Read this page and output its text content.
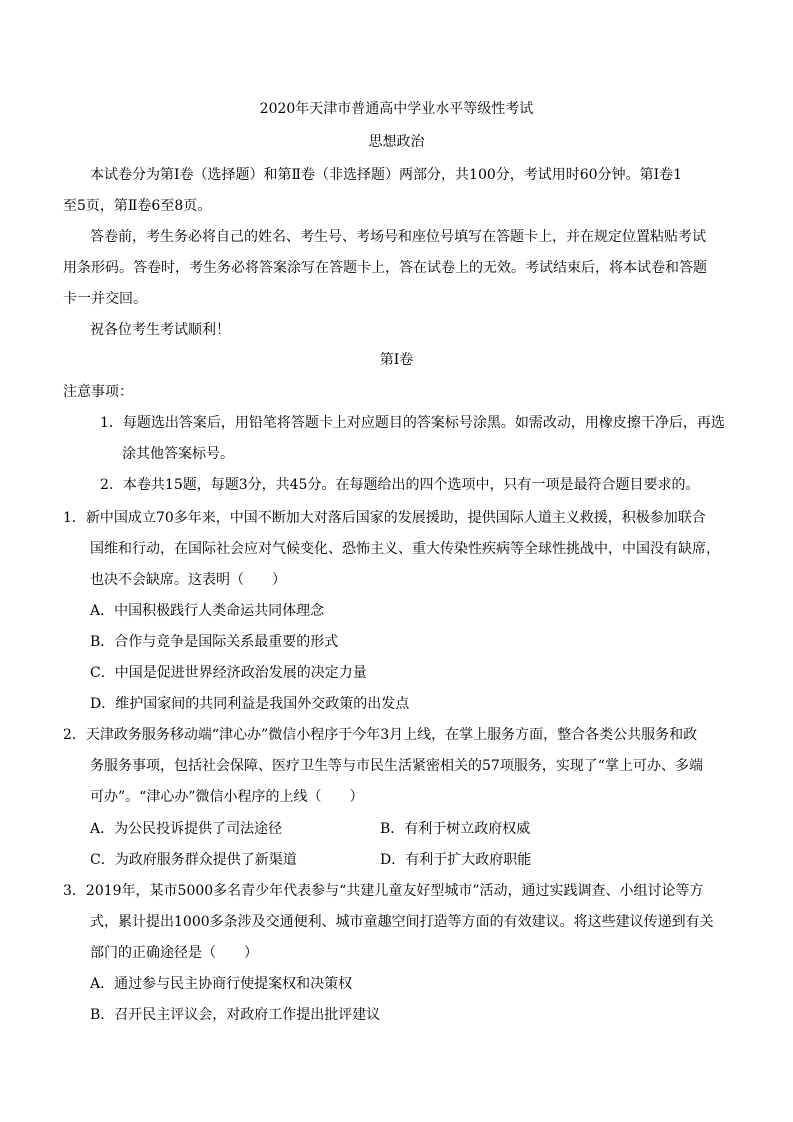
2020年天津市普通高中学业水平等级性考试
思想政治
本试卷分为第Ⅰ卷（选择题）和第Ⅱ卷（非选择题）两部分，共100分，考试用时60分钟。第Ⅰ卷1
至5页，第Ⅱ卷6至8页。
答卷前，考生务必将自己的姓名、考生号、考场号和座位号填写在答题卡上，并在规定位置粘贴考试
用条形码。答卷时，考生务必将答案涂写在答题卡上，答在试卷上的无效。考试结束后，将本试卷和答题
卡一并交回。
祝各位考生考试顺利！
第Ⅰ卷
注意事项：
1．每题选出答案后，用铅笔将答题卡上对应题目的答案标号涂黑。如需改动，用橡皮擦干净后，再选
涂其他答案标号。
2．本卷共15题，每题3分，共45分。在每题给出的四个选项中，只有一项是最符合题目要求的。
1．新中国成立70多年来，中国不断加大对落后国家的发展援助，提供国际人道主义救援，积极参加联合
国维和行动，在国际社会应对气候变化、恐怖主义、重大传染性疾病等全球性挑战中，中国没有缺席，
也决不会缺席。这表明（　　）
A．中国积极践行人类命运共同体理念
B．合作与竞争是国际关系最重要的形式
C．中国是促进世界经济政治发展的决定力量
D．维护国家间的共同利益是我国外交政策的出发点
2．天津政务服务移动端“津心办”微信小程序于今年3月上线，在掌上服务方面，整合各类公共服务和政
务服务事项，包括社会保障、医疗卫生等与市民生活紧密相关的57项服务，实现了“掌上可办、多端
可办”。“津心办”微信小程序的上线（　　）
A．为公民投诉提供了司法途径	B．有利于树立政府权威
C．为政府服务群众提供了新渠道	D．有利于扩大政府职能
3．2019年，某市5000多名青少年代表参与“共建儿童友好型城市”活动，通过实践调查、小组讨论等方
式，累计提出1000多条涉及交通便利、城市童趣空间打造等方面的有效建议。将这些建议传递到有关
部门的正确途径是（　　）
A．通过参与民主协商行使提案权和决策权
B．召开民主评议会，对政府工作提出批评建议
